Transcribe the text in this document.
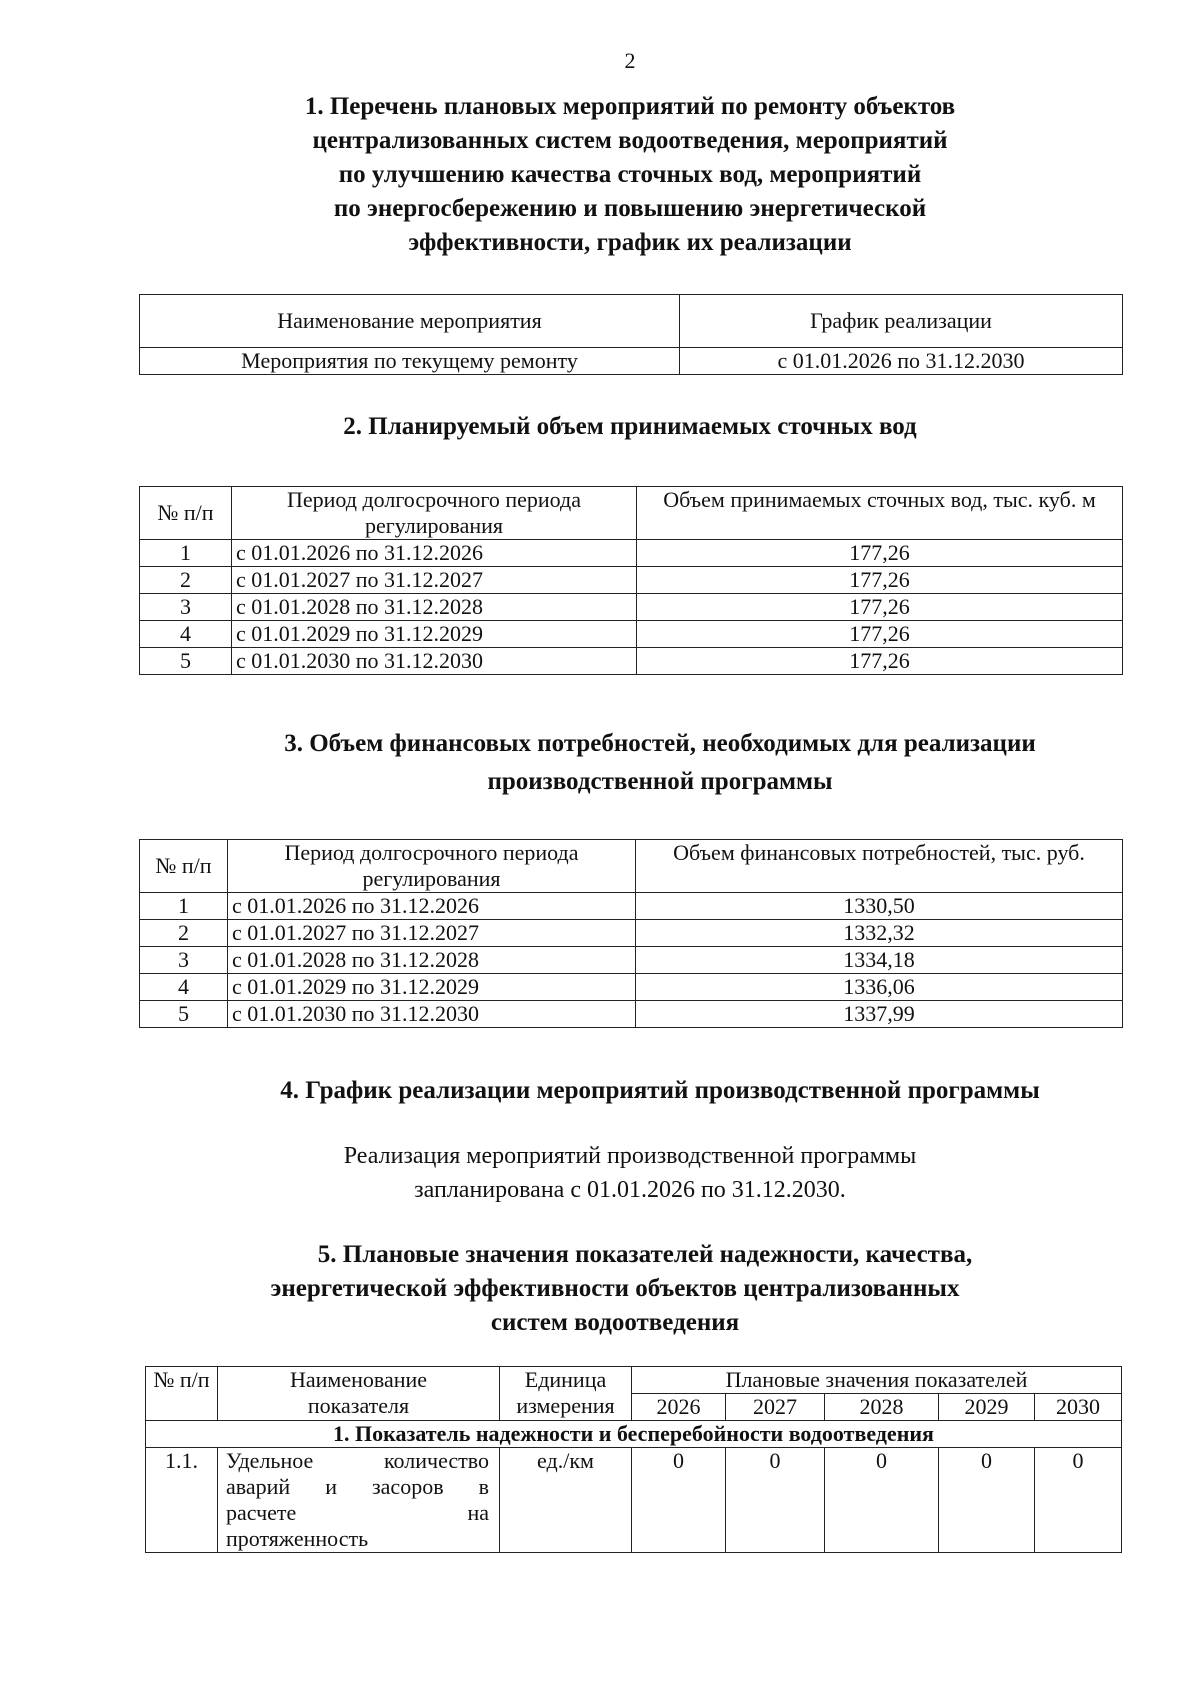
2
1. Перечень плановых мероприятий по ремонту объектов
централизованных систем водоотведения, мероприятий
по улучшению качества сточных вод, мероприятий
по энергосбережению и повышению энергетической
эффективности, график их реализации
Наименование мероприятия	График реализации
Мероприятия по текущему ремонту	с 01.01.2026 по 31.12.2030
2. Планируемый объем принимаемых сточных вод
№ п/п	Период долгосрочного периода регулирования	Объем принимаемых сточных вод, тыс. куб. м
1	с 01.01.2026 по 31.12.2026	177,26
2	с 01.01.2027 по 31.12.2027	177,26
3	с 01.01.2028 по 31.12.2028	177,26
4	с 01.01.2029 по 31.12.2029	177,26
5	с 01.01.2030 по 31.12.2030	177,26
3. Объем финансовых потребностей, необходимых для реализации
производственной программы
№ п/п	Период долгосрочного периода регулирования	Объем финансовых потребностей, тыс. руб.
1	с 01.01.2026 по 31.12.2026	1330,50
2	с 01.01.2027 по 31.12.2027	1332,32
3	с 01.01.2028 по 31.12.2028	1334,18
4	с 01.01.2029 по 31.12.2029	1336,06
5	с 01.01.2030 по 31.12.2030	1337,99
4. График реализации мероприятий производственной программы
Реализация мероприятий производственной программы
запланирована с 01.01.2026 по 31.12.2030.
5. Плановые значения показателей надежности, качества,
энергетической эффективности объектов централизованных
систем водоотведения
№ п/п	Наименование показателя	Единица измерения	Плановые значения показателей				
			2026	2027	2028	2029	2030
1. Показатель надежности и бесперебойности водоотведения							
1.1.	Удельное количество
аварий и засоров в
расчете на
протяженность	ед./км	0	0	0	0	0
